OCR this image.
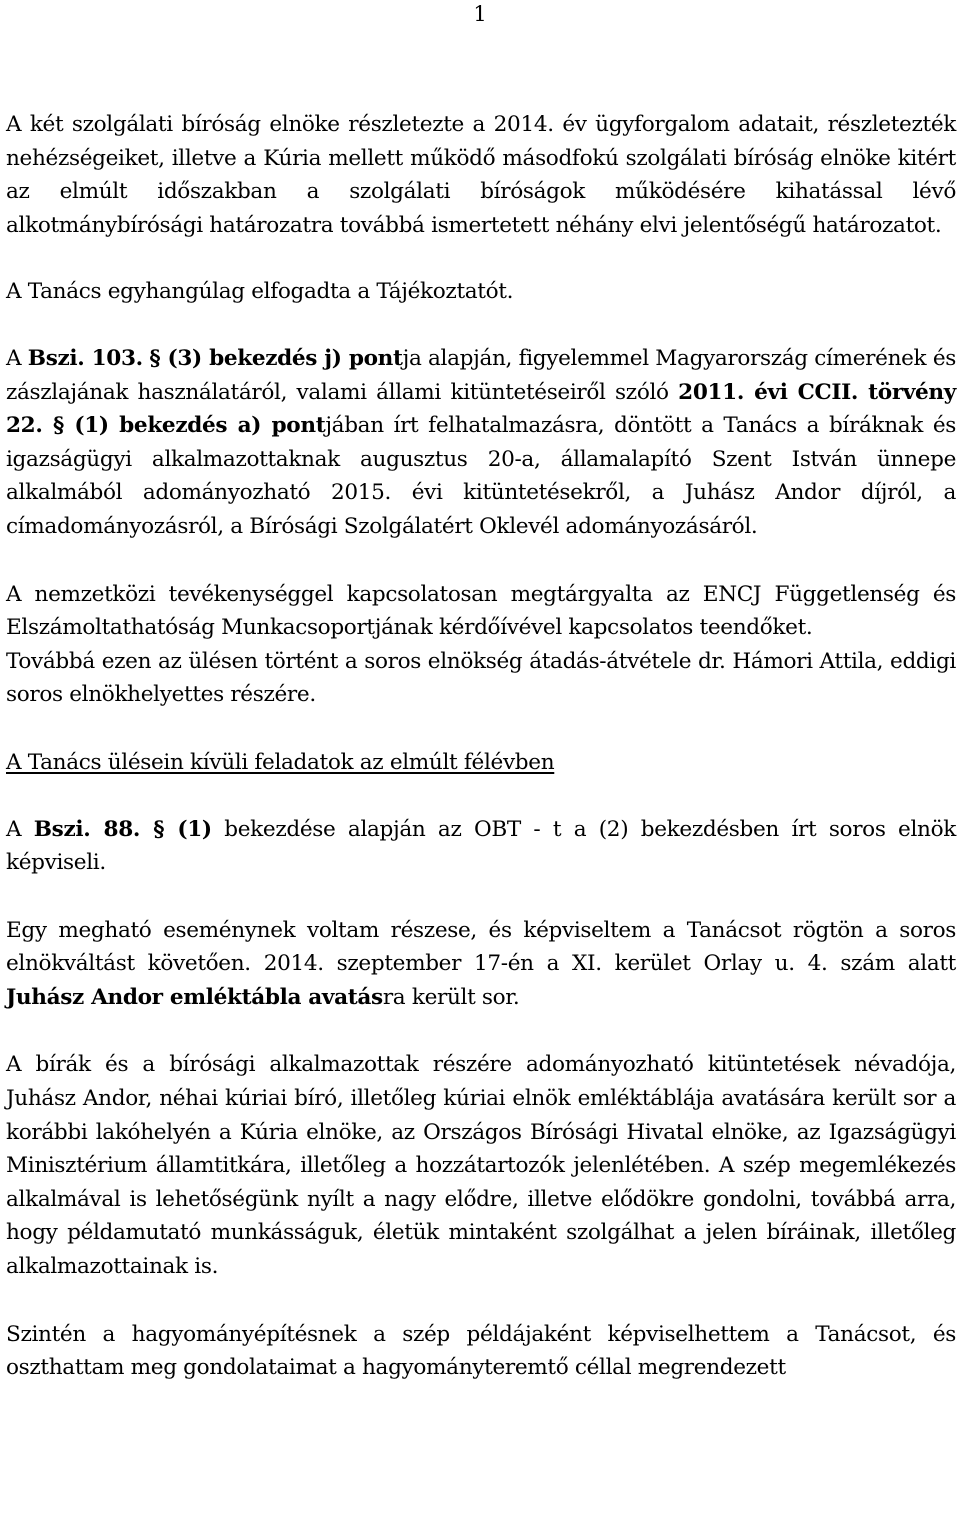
1

A két szolgálati bíróság elnöke részletezte a 2014. év ügyforgalom adatait, részletezték nehézségeiket, illetve a Kúria mellett működő másodfokú szolgálati bíróság elnöke kitért az elmúlt időszakban a szolgálati bíróságok működésére kihatással lévő alkotmánybírósági határozatra továbbá ismertetett néhány elvi jelentőségű határozatot.

A Tanács egyhangúlag elfogadta a Tájékoztatót.

A Bszi. 103. § (3) bekezdés j) pontja alapján, figyelemmel Magyarország címerének és zászlajának használatáról, valami állami kitüntetéseiről szóló 2011. évi CCII. törvény 22. § (1) bekezdés a) pontjában írt felhatalmazásra, döntött a Tanács a bíráknak és igazságügyi alkalmazottaknak augusztus 20-a, államalapító Szent István ünnepe alkalmából adományozható 2015. évi kitüntetésekről, a Juhász Andor díjról, a címadományozásról, a Bírósági Szolgálatért Oklevél adományozásáról.

A nemzetközi tevékenységgel kapcsolatosan megtárgyalta az ENCJ Függetlenség és Elszámoltathatóság Munkacsoportjának kérdőívével kapcsolatos teendőket.

Továbbá ezen az ülésen történt a soros elnökség átadás-átvétele dr. Hámori Attila, eddigi soros elnökhelyettes részére.

A Tanács ülésein kívüli feladatok az elmúlt félévben

A Bszi. 88. § (1) bekezdése alapján az OBT - t a (2) bekezdésben írt soros elnök képviseli.

Egy megható eseménynek voltam részese, és képviseltem a Tanácsot rögtön a soros elnökváltást követően. 2014. szeptember 17-én a XI. kerület Orlay u. 4. szám alatt Juhász Andor emléktábla avatásra került sor.

A bírák és a bírósági alkalmazottak részére adományozható kitüntetések névadója, Juhász Andor, néhai kúriai bíró, illetőleg kúriai elnök emléktáblája avatására került sor a korábbi lakóhelyén a Kúria elnöke, az Országos Bírósági Hivatal elnöke, az Igazságügyi Minisztérium államtitkára, illetőleg a hozzátartozók jelenlétében. A szép megemlékezés alkalmával is lehetőségünk nyílt a nagy elődre, illetve elődökre gondolni, továbbá arra, hogy példamutató munkásságuk, életük mintaként szolgálhat a jelen bíráinak, illetőleg alkalmazottainak is.

Szintén a hagyományépítésnek a szép példájaként képviselhettem a Tanácsot, és oszthattam meg gondolataimat a hagyományteremtő céllal megrendezett
